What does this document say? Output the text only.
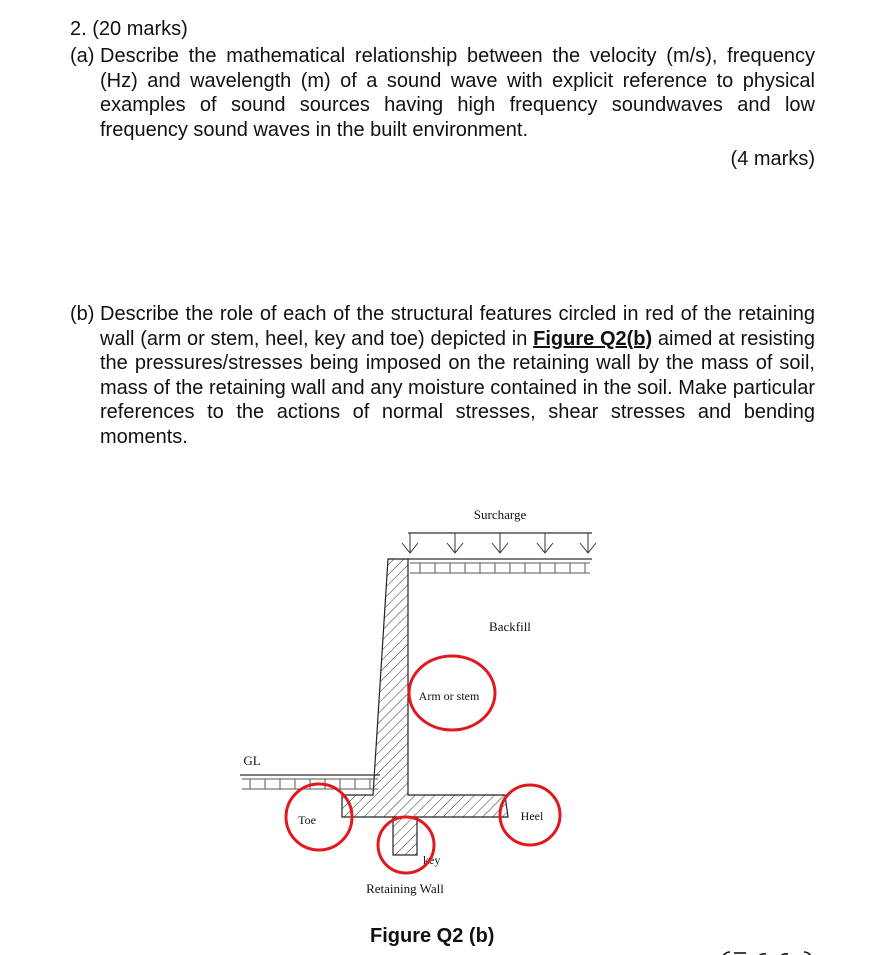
2. (20 marks)
(a) Describe the mathematical relationship between the velocity (m/s), frequency (Hz) and wavelength (m) of a sound wave with explicit reference to physical examples of sound sources having high frequency soundwaves and low frequency sound waves in the built environment.
(4 marks)
(b) Describe the role of each of the structural features circled in red of the retaining wall (arm or stem, heel, key and toe) depicted in Figure Q2(b) aimed at resisting the pressures/stresses being imposed on the retaining wall by the mass of soil, mass of the retaining wall and any moisture contained in the soil. Make particular references to the actions of normal stresses, shear stresses and bending moments.
Surcharge
Backfill
GL
Arm or stem
Toe	Heel
key
Retaining Wall
Figure Q2 (b)
